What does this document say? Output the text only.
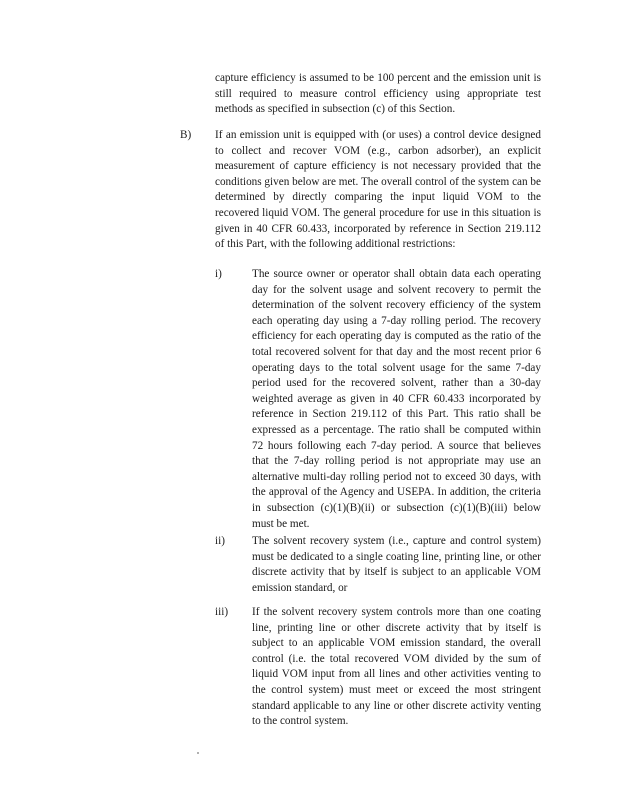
capture efficiency is assumed to be 100 percent and the emission unit is still required to measure control efficiency using appropriate test methods as specified in subsection (c) of this Section.
B) If an emission unit is equipped with (or uses) a control device designed to collect and recover VOM (e.g., carbon adsorber), an explicit measurement of capture efficiency is not necessary provided that the conditions given below are met. The overall control of the system can be determined by directly comparing the input liquid VOM to the recovered liquid VOM. The general procedure for use in this situation is given in 40 CFR 60.433, incorporated by reference in Section 219.112 of this Part, with the following additional restrictions:
i)	The source owner or operator shall obtain data each operating day for the solvent usage and solvent recovery to permit the determination of the solvent recovery efficiency of the system each operating day using a 7-day rolling period. The recovery efficiency for each operating day is computed as the ratio of the total recovered solvent for that day and the most recent prior 6 operating days to the total solvent usage for the same 7-day period used for the recovered solvent, rather than a 30-day weighted average as given in 40 CFR 60.433 incorporated by reference in Section 219.112 of this Part. This ratio shall be expressed as a percentage. The ratio shall be computed within 72 hours following each 7-day period. A source that believes that the 7-day rolling period is not appropriate may use an alternative multi-day rolling period not to exceed 30 days, with the approval of the Agency and USEPA. In addition, the criteria in subsection (c)(1)(B)(ii) or subsection (c)(1)(B)(iii) below must be met.
ii) The solvent recovery system (i.e., capture and control system) must be dedicated to a single coating line, printing line, or other discrete activity that by itself is subject to an applicable VOM emission standard, or
iii) If the solvent recovery system controls more than one coating line, printing line or other discrete activity that by itself is subject to an applicable VOM emission standard, the overall control (i.e. the total recovered VOM divided by the sum of liquid VOM input from all lines and other activities venting to the control system) must meet or exceed the most stringent standard applicable to any line or other discrete activity venting to the control system.
